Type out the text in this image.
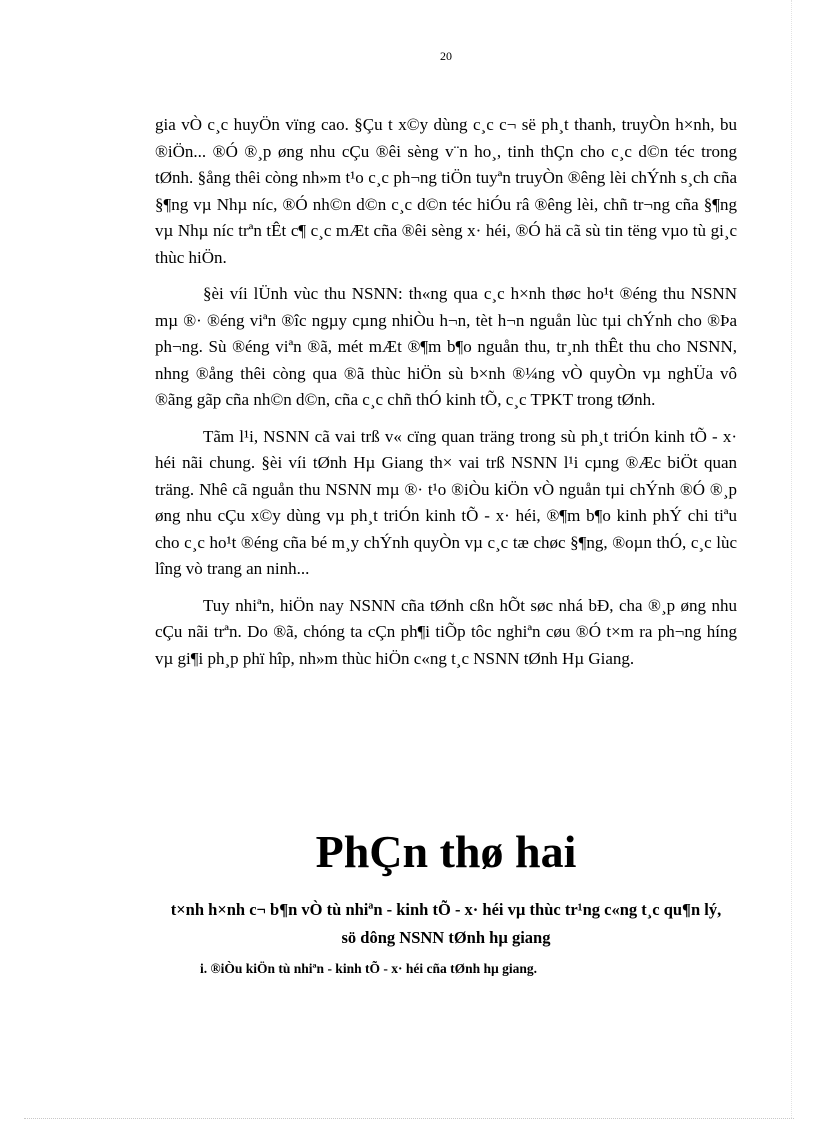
20

gia vÒ c¸c huyÖn vïng cao. §Çu t x©y dùng c¸c c¬ së ph¸t thanh, truyÒn h×nh, bu ®iÖn... ®Ó ®¸p øng nhu cÇu ®êi sèng v¨n ho¸, tinh thÇn cho c¸c d©n téc trong tØnh. §ång thêi còng nh»m t¹o c¸c ph¬ng tiÖn tuyªn truyÒn ®êng lèi chÝnh s¸ch cña §¶ng vµ Nhµ níc, ®Ó nh©n d©n c¸c d©n téc hiÓu râ ®êng lèi, chñ tr¬ng cña §¶ng vµ Nhµ níc trªn tÊt c¶ c¸c mÆt cña ®êi sèng x· héi, ®Ó hä cã sù tin tëng vµo tù gi¸c thùc hiÖn.

§èi víi lÜnh vùc thu NSNN: th«ng qua c¸c h×nh thøc ho¹t ®éng thu NSNN mµ ®· ®éng viªn ®îc ngµy cµng nhiÒu h¬n, tèt h¬n nguån lùc tµi chÝnh cho ®Þa ph¬ng. Sù ®éng viªn ®ã, mét mÆt ®¶m b¶o nguån thu, tr¸nh thÊt thu cho NSNN, nhng ®ång thêi còng qua ®ã thùc hiÖn sù b×nh ®¼ng vÒ quyÒn vµ nghÜa vô ®ãng gãp cña nh©n d©n, cña c¸c chñ thÓ kinh tÕ, c¸c TPKT trong tØnh.

Tãm l¹i, NSNN cã vai trß v« cïng quan träng trong sù ph¸t triÓn kinh tÕ - x· héi nãi chung. §èi víi tØnh Hµ Giang th× vai trß NSNN l¹i cµng ®Æc biÖt quan träng. Nhê cã nguån thu NSNN mµ ®· t¹o ®iÒu kiÖn vÒ nguån tµi chÝnh ®Ó ®¸p øng nhu cÇu x©y dùng vµ ph¸t triÓn kinh tÕ - x· héi, ®¶m b¶o kinh phÝ chi tiªu cho c¸c ho¹t ®éng cña bé m¸y chÝnh quyÒn vµ c¸c tæ chøc §¶ng, ®oµn thÓ, c¸c lùc lîng vò trang an ninh...

Tuy nhiªn, hiÖn nay NSNN cña tØnh cßn hÕt søc nhá bÐ, cha ®¸p øng nhu cÇu nãi trªn. Do ®ã, chóng ta cÇn ph¶i tiÕp tôc nghiªn cøu ®Ó t×m ra ph¬ng híng vµ gi¶i ph¸p phï hîp, nh»m thùc hiÖn c«ng t¸c NSNN tØnh Hµ Giang.

PhÇn thø hai
t×nh h×nh c¬ b¶n vÒ tù nhiªn - kinh tÕ - x· héi vµ thùc tr¹ng c«ng t¸c qu¶n lý, sö dông NSNN tØnh hµ giang
i. ®iÒu kiÖn tù nhiªn - kinh tÕ - x· héi cña tØnh hµ giang.
